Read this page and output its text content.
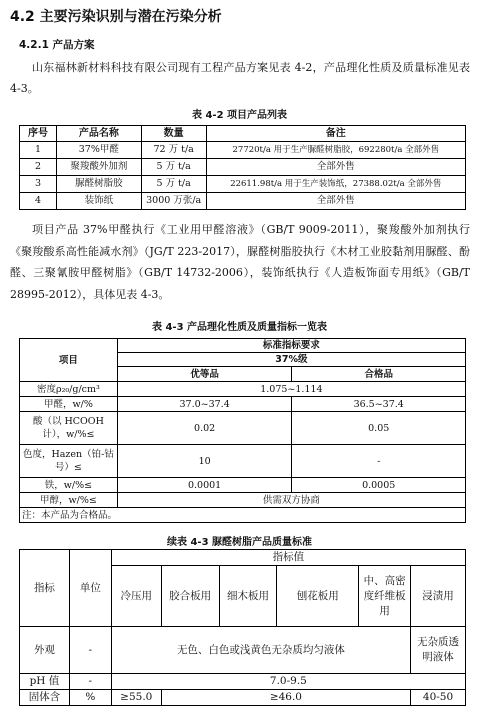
4.2 主要污染识别与潜在污染分析
4.2.1 产品方案
山东福林新材料科技有限公司现有工程产品方案见表 4-2，产品理化性质及质量标准见表 4-3。
表 4-2 项目产品列表
序号	产品名称	数量	备注
1	37%甲醛	72 万 t/a	27720t/a 用于生产脲醛树脂胶，692280t/a 全部外售
2	聚羧酸外加剂	5 万 t/a	全部外售
3	脲醛树脂胶	5 万 t/a	22611.98t/a 用于生产装饰纸，27388.02t/a 全部外售
4	装饰纸	3000 万张/a	全部外售
项目产品 37%甲醛执行《工业用甲醛溶液》（GB/T 9009-2011），聚羧酸外加剂执行《聚羧酸系高性能减水剂》（JG/T 223-2017），脲醛树脂胶执行《木材工业胶黏剂用脲醛、酚醛、三聚氰胺甲醛树脂》（GB/T 14732-2006），装饰纸执行《人造板饰面专用纸》（GB/T 28995-2012），具体见表 4-3。
表 4-3 产品理化性质及质量指标一览表
项目	标准指标要求	
	37%级	
	优等品	合格品
密度ρ₂₀/g/cm³	1.075~1.114	
甲醛，w/%	37.0~37.4	36.5~37.4
酸（以 HCOOH 计），w/%≤	0.02	0.05
色度，Hazen（铂-钴号）≤	10	-
铁，w/%≤	0.0001	0.0005
甲醇，w/%≤	供需双方协商	
注：本产品为合格品。		
续表 4-3 脲醛树脂产品质量标准
指标	单位	指标值					
		冷压用	胶合板用	细木板用	刨花板用	中、高密度纤维板用	浸渍用
外观	-	无色、白色或浅黄色无杂质均匀液体					无杂质透明液体
pH 值	-	7.0-9.5					
固体含	%	≥55.0	≥46.0				40-50
